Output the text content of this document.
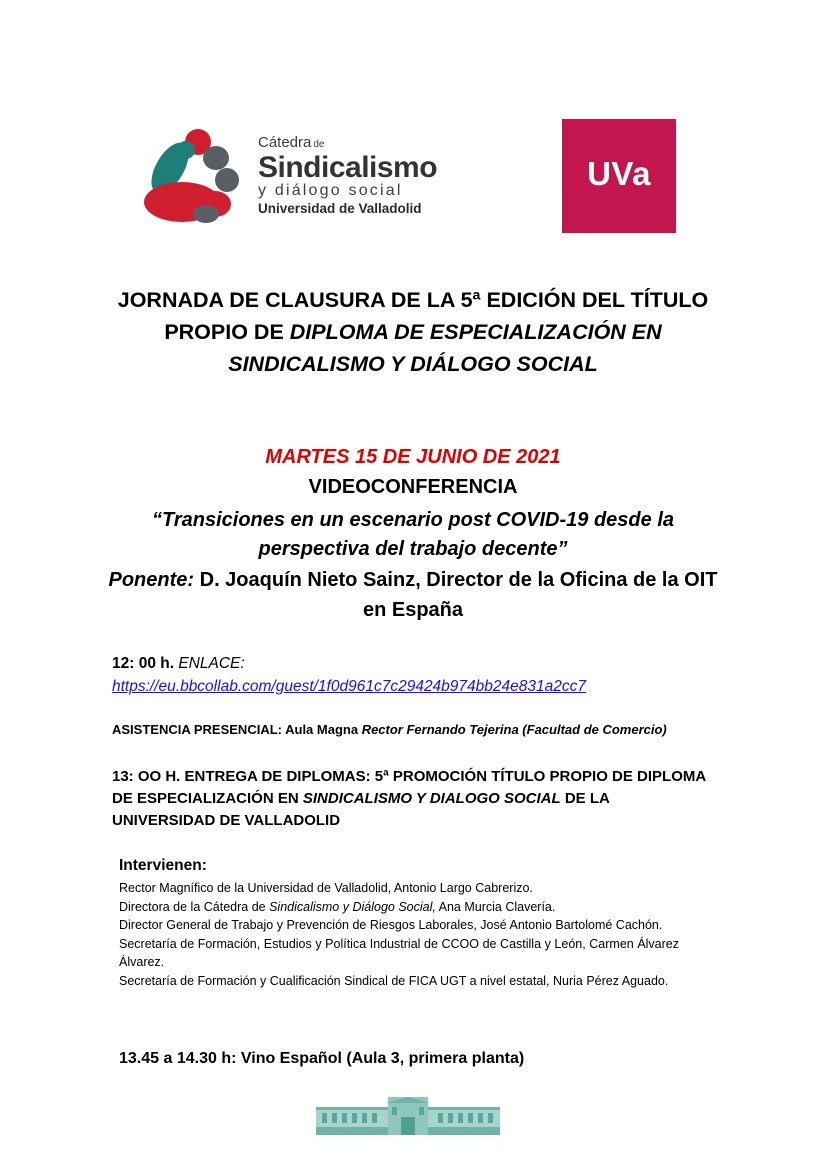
Cátedra de
Sindicalismo
y diálogo social
Universidad de Valladolid
UVa
JORNADA DE CLAUSURA DE LA 5ª EDICIÓN DEL TÍTULO PROPIO DE DIPLOMA DE ESPECIALIZACIÓN EN SINDICALISMO Y DIÁLOGO SOCIAL
MARTES 15 DE JUNIO DE 2021
VIDEOCONFERENCIA
“Transiciones en un escenario post COVID-19 desde la perspectiva del trabajo decente”
Ponente: D. Joaquín Nieto Sainz, Director de la Oficina de la OIT en España
12: 00 h. ENLACE:
https://eu.bbcollab.com/guest/1f0d961c7c29424b974bb24e831a2cc7
ASISTENCIA PRESENCIAL: Aula Magna Rector Fernando Tejerina (Facultad de Comercio)
13: OO H. ENTREGA DE DIPLOMAS: 5ª PROMOCIÓN TÍTULO PROPIO DE DIPLOMA DE ESPECIALIZACIÓN EN SINDICALISMO Y DIALOGO SOCIAL DE LA UNIVERSIDAD DE VALLADOLID
Intervienen:
Rector Magnífico de la Universidad de Valladolid, Antonio Largo Cabrerizo.
Directora de la Cátedra de Sindicalismo y Diálogo Social, Ana Murcia Clavería.
Director General de Trabajo y Prevención de Riesgos Laborales, José Antonio Bartolomé Cachón.
Secretaría de Formación, Estudios y Política Industrial de CCOO de Castilla y León, Carmen Álvarez Álvarez.
Secretaría de Formación y Cualificación Sindical de FICA UGT a nivel estatal, Nuria Pérez Aguado.
13.45 a 14.30 h: Vino Español (Aula 3, primera planta)
